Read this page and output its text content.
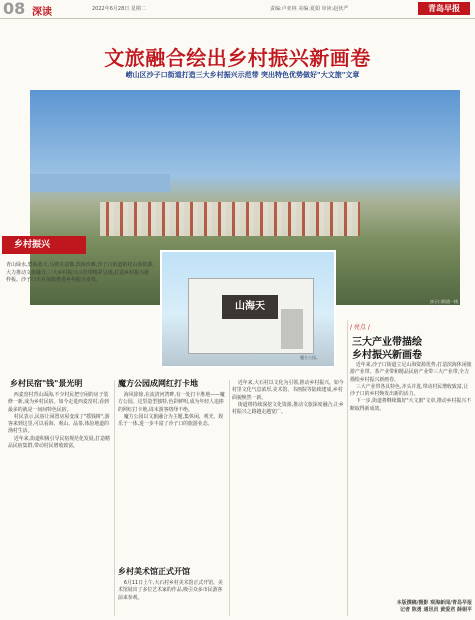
08 深读	2022年6月28日 星期二	责编:卢亚林 美编:夏娟 审读:赵伙严	青岛早报
文旅融合绘出乡村振兴新画卷
崂山区沙子口街道打造三大乡村振兴示范带 突出特色优势做好"大文旅"文章
沙子口街道一线美景。
山海天
魔方公园。
乡村振兴
青山绿水,碧海蓝天,马赛克造像,滨海沙滩,沙子口街道依托山海资源,大力推动文旅融合,三大乡村振兴示范带精彩呈现,打造乡村振兴新样板。沙子口正在加快推进乡村振兴步伐。
/ 亮点 /
三大产业带描绘
乡村振兴新画卷
乡村民宿"钱"景光明	魔方公园成网红打卡地
乡村美术馆正式开馆

西麦窑村背山面海,不少村民把空闲的房子装修一新,成为乡村民宿。如今走进西麦窑村,看到最多的就是一间间特色民宿。

村民表示,民宿让闲置房屋变成了"摇钱树",游客来到这里,可以看海、观山、品茶,体验地道的渔村生活。

近年来,街道积极引导民宿规范化发展,打造精品民宿集群,带动村民增收致富。

海风徐徐,在流清河湾畔,有一处打卡胜地——魔方公园。这里造型独特,色彩鲜明,成为年轻人追捧的网红打卡地,周末游客络绎不绝。

魔方公园以文旅融合为主题,集休闲、观光、娱乐于一体,进一步丰富了沙子口的旅游业态。

6月11日上午,大石村乡村美术馆正式开馆。美术馆展出了多位艺术家的作品,吸引众多市民游客前来参观。

近年来,大石村以文化为引领,推动乡村振兴。如今村里文化气息浓厚,美术馆、书画院等陆续建成,乡村面貌焕然一新。

街道将持续深挖文化资源,推动文旅深度融合,让乡村振兴之路越走越宽广。

近年来,沙子口街道立足山海资源优势,打造滨海休闲旅游产业带、茶产业带和精品民宿产业带三大产业带,全力描绘乡村振兴新画卷。

三大产业带各具特色,齐头并进,带动村民增收致富,让沙子口的乡村焕发出新的活力。

下一步,街道将继续做好"大文旅"文章,推动乡村振兴不断取得新成效。

本版撰稿/摄影 观海新闻/青岛早报
记者 陈勇 通讯员 黄爱君 薛娟平
